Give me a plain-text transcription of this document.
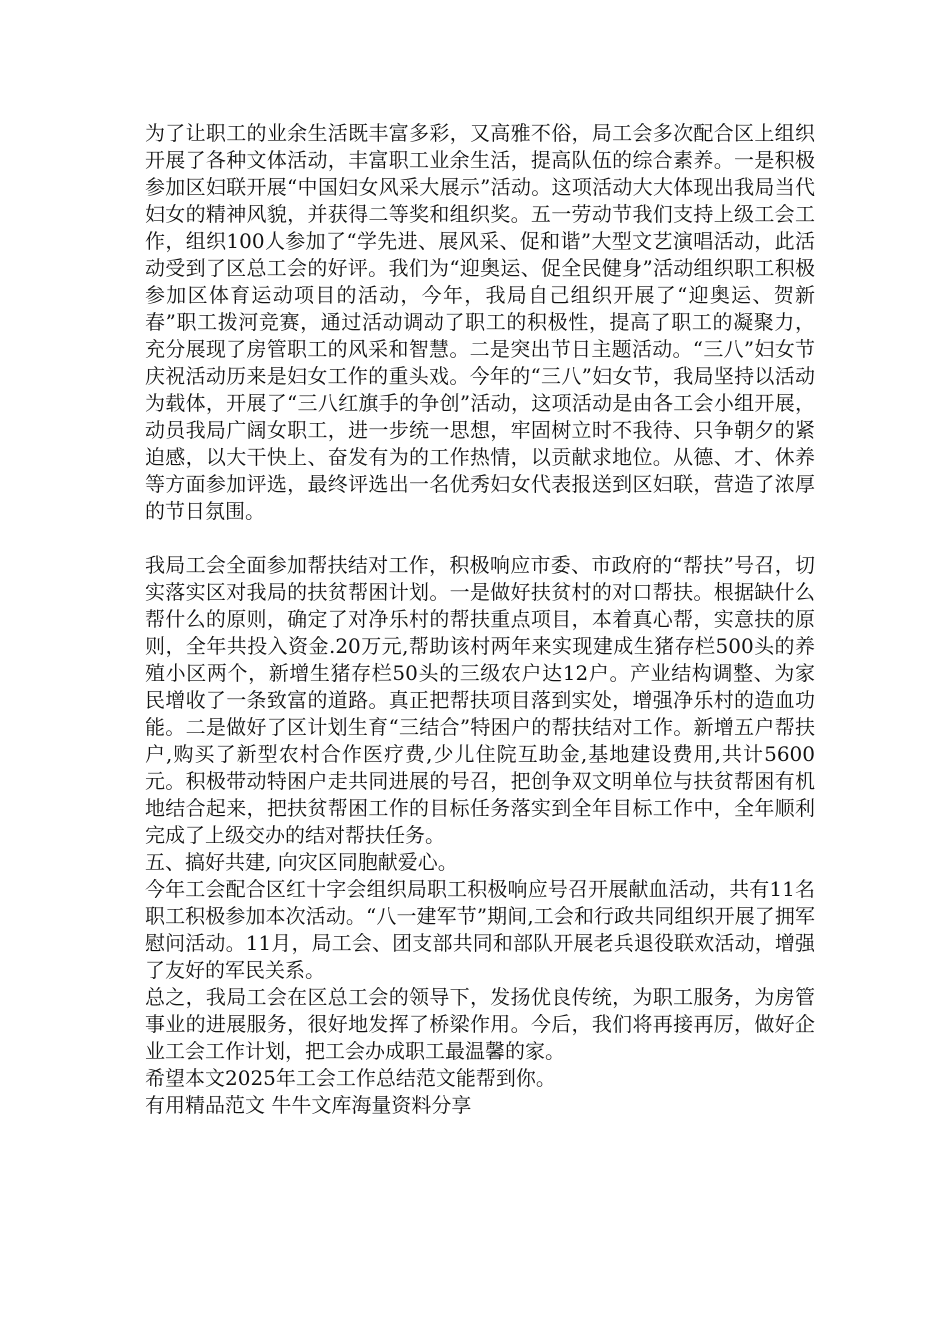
为了让职工的业余生活既丰富多彩，又高雅不俗，局工会多次配合区上组织开展了各种文体活动，丰富职工业余生活，提高队伍的综合素养。一是积极参加区妇联开展“中国妇女风采大展示”活动。这项活动大大体现出我局当代妇女的精神风貌，并获得二等奖和组织奖。五一劳动节我们支持上级工会工作，组织100人参加了“学先进、展风采、促和谐”大型文艺演唱活动，此活动受到了区总工会的好评。我们为“迎奥运、促全民健身”活动组织职工积极参加区体育运动项目的活动，今年，我局自己组织开展了“迎奥运、贺新春”职工拨河竞赛，通过活动调动了职工的积极性，提高了职工的凝聚力，充分展现了房管职工的风采和智慧。二是突出节日主题活动。“三八”妇女节庆祝活动历来是妇女工作的重头戏。今年的“三八”妇女节，我局坚持以活动为载体，开展了“三八红旗手的争创”活动，这项活动是由各工会小组开展，动员我局广阔女职工，进一步统一思想，牢固树立时不我待、只争朝夕的紧迫感，以大干快上、奋发有为的工作热情，以贡献求地位。从德、才、休养等方面参加评选，最终评选出一名优秀妇女代表报送到区妇联，营造了浓厚的节日氛围。

我局工会全面参加帮扶结对工作，积极响应市委、市政府的“帮扶”号召，切实落实区对我局的扶贫帮困计划。一是做好扶贫村的对口帮扶。根据缺什么帮什么的原则，确定了对净乐村的帮扶重点项目，本着真心帮，实意扶的原则，全年共投入资金.20万元,帮助该村两年来实现建成生猪存栏500头的养殖小区两个，新增生猪存栏50头的三级农户达12户。产业结构调整、为家民增收了一条致富的道路。真正把帮扶项目落到实处，增强净乐村的造血功能。二是做好了区计划生育“三结合”特困户的帮扶结对工作。新增五户帮扶户,购买了新型农村合作医疗费,少儿住院互助金,基地建设费用,共计5600元。积极带动特困户走共同进展的号召，把创争双文明单位与扶贫帮困有机地结合起来，把扶贫帮困工作的目标任务落实到全年目标工作中，全年顺利完成了上级交办的结对帮扶任务。

五、搞好共建, 向灾区同胞献爱心。

今年工会配合区红十字会组织局职工积极响应号召开展献血活动，共有11名职工积极参加本次活动。“八一建军节”期间,工会和行政共同组织开展了拥军慰问活动。11月，局工会、团支部共同和部队开展老兵退役联欢活动，增强了友好的军民关系。

总之，我局工会在区总工会的领导下，发扬优良传统，为职工服务，为房管事业的进展服务，很好地发挥了桥梁作用。今后，我们将再接再厉，做好企业工会工作计划，把工会办成职工最温馨的家。

希望本文2025年工会工作总结范文能帮到你。

有用精品范文 牛牛文库海量资料分享
